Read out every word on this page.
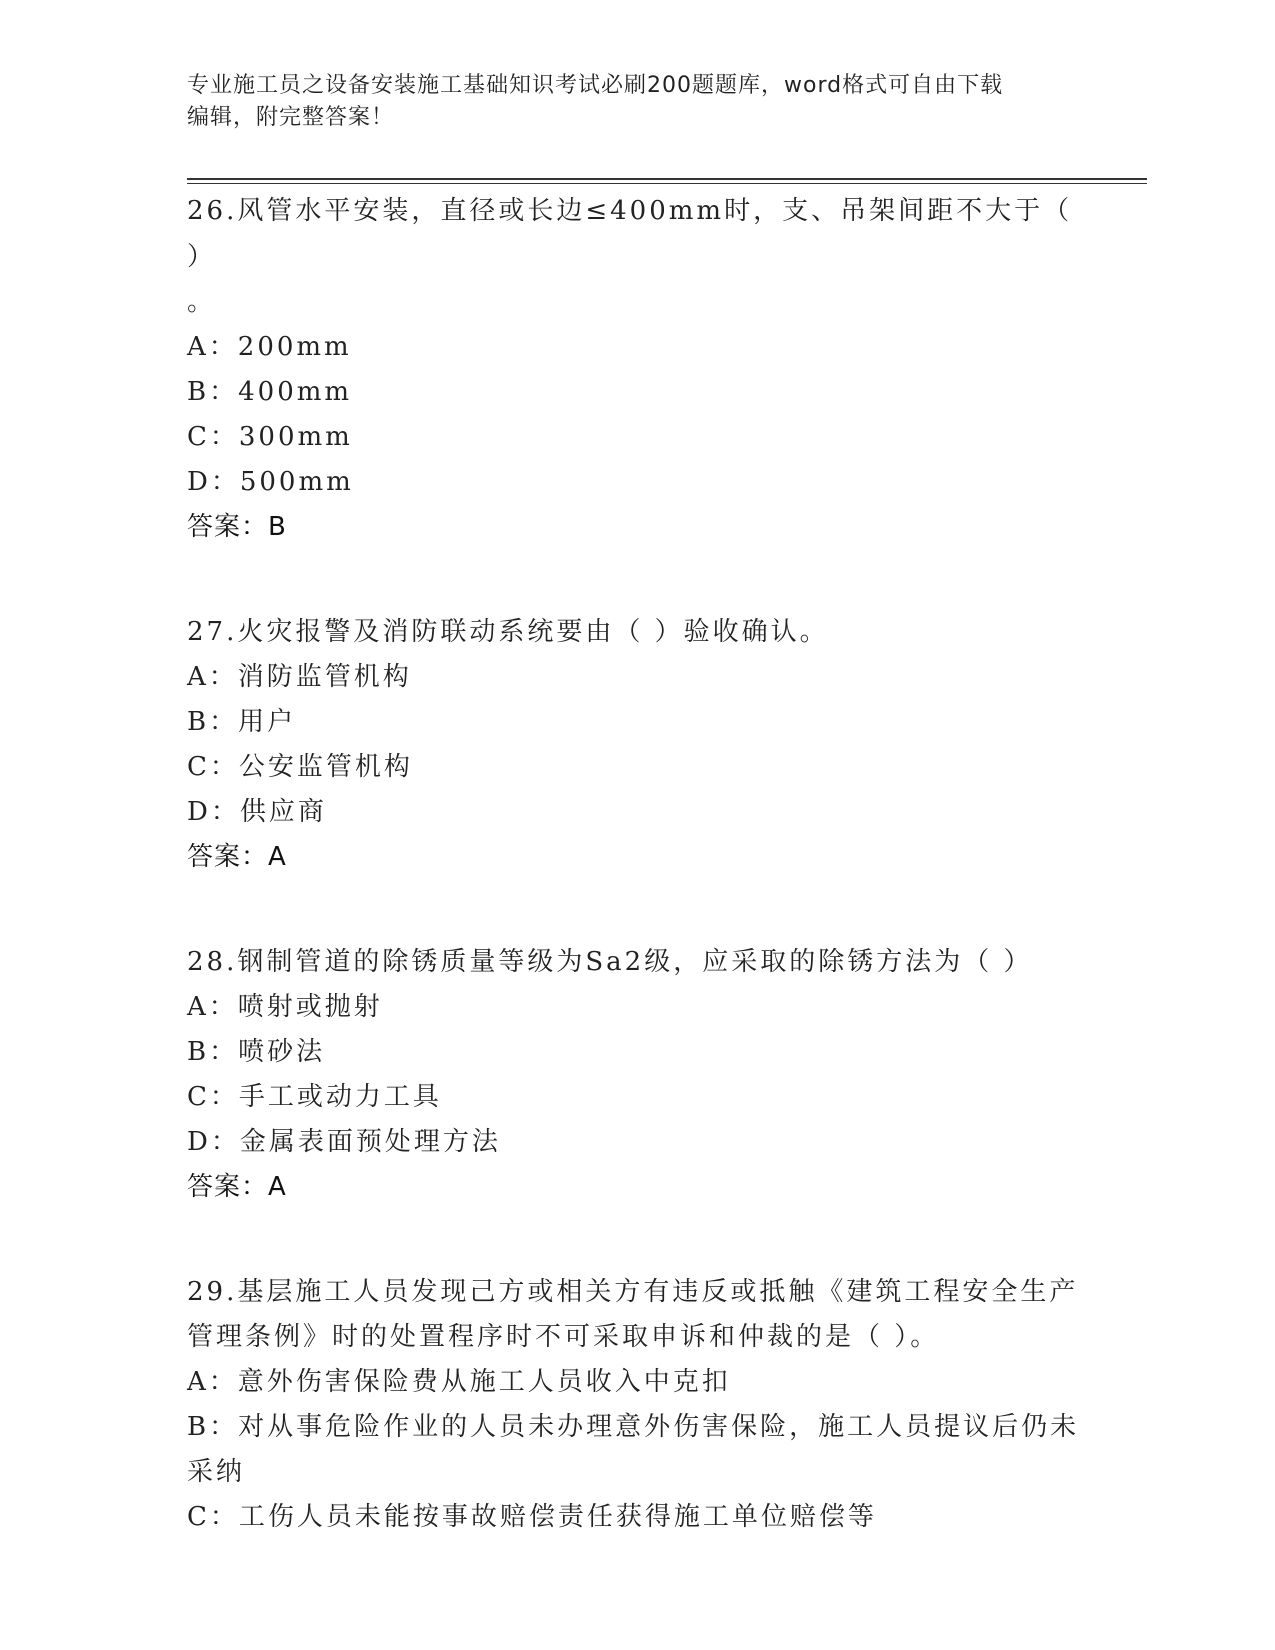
专业施工员之设备安装施工基础知识考试必刷200题题库，word格式可自由下载
编辑，附完整答案！
26.风管水平安装，直径或长边≤400mm时，支、吊架间距不大于（ ）
。
A：200mm
B：400mm
C：300mm
D：500mm
答案：B
27.火灾报警及消防联动系统要由（ ）验收确认。
A：消防监管机构
B：用户
C：公安监管机构
D：供应商
答案：A
28.钢制管道的除锈质量等级为Sa2级，应采取的除锈方法为（ ）
A：喷射或抛射
B：喷砂法
C：手工或动力工具
D：金属表面预处理方法
答案：A
29.基层施工人员发现己方或相关方有违反或抵触《建筑工程安全生产
管理条例》时的处置程序时不可采取申诉和仲裁的是（ ）。
A：意外伤害保险费从施工人员收入中克扣
B：对从事危险作业的人员未办理意外伤害保险，施工人员提议后仍未
采纳
C：工伤人员未能按事故赔偿责任获得施工单位赔偿等
